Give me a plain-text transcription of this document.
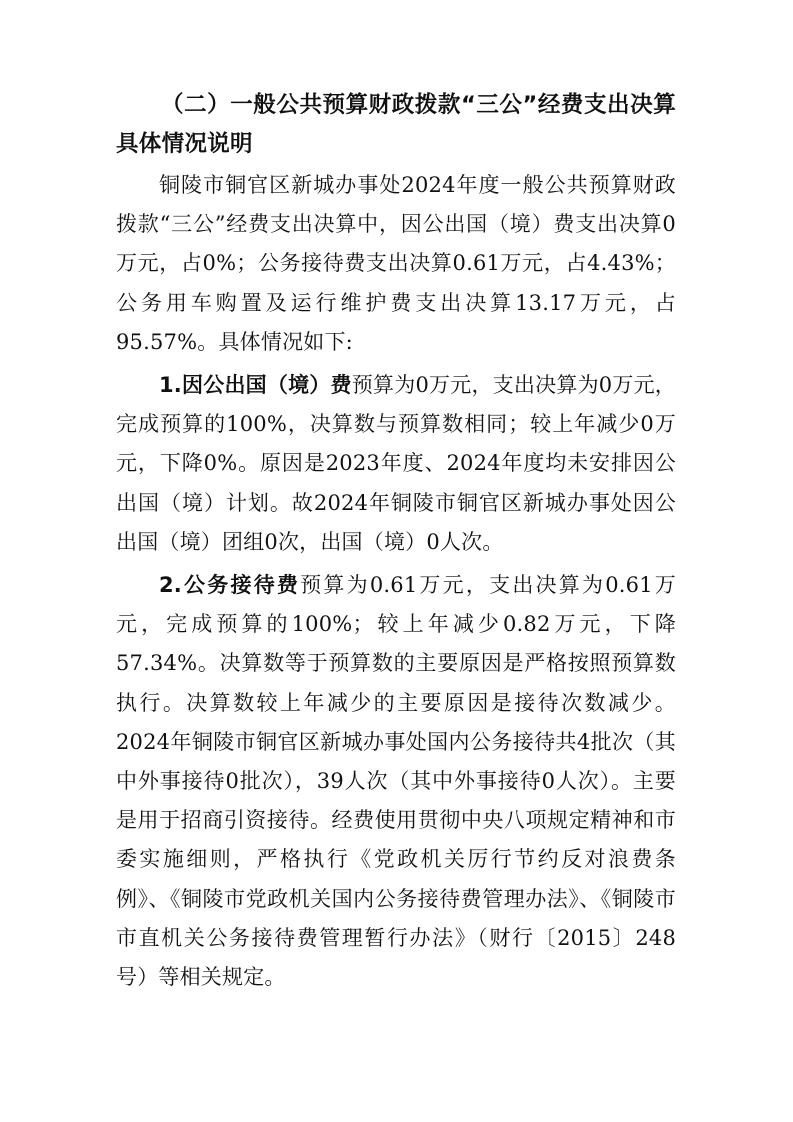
（二）一般公共预算财政拨款“三公”经费支出决算具体情况说明

铜陵市铜官区新城办事处2024年度一般公共预算财政拨款“三公”经费支出决算中，因公出国（境）费支出决算0万元，占0%；公务接待费支出决算0.61万元，占4.43%；公务用车购置及运行维护费支出决算13.17万元，占95.57%。具体情况如下:

1.因公出国（境）费预算为0万元，支出决算为0万元，完成预算的100%，决算数与预算数相同；较上年减少0万元，下降0%。原因是2023年度、2024年度均未安排因公出国（境）计划。故2024年铜陵市铜官区新城办事处因公出国（境）团组0次，出国（境）0人次。

2.公务接待费预算为0.61万元，支出决算为0.61万元，完成预算的100%；较上年减少0.82万元，下降57.34%。决算数等于预算数的主要原因是严格按照预算数执行。决算数较上年减少的主要原因是接待次数减少。2024年铜陵市铜官区新城办事处国内公务接待共4批次（其中外事接待0批次），39人次（其中外事接待0人次）。主要是用于招商引资接待。经费使用贯彻中央八项规定精神和市委实施细则，严格执行《党政机关厉行节约反对浪费条例》、《铜陵市党政机关国内公务接待费管理办法》、《铜陵市市直机关公务接待费管理暂行办法》（财行〔2015〕248号）等相关规定。
